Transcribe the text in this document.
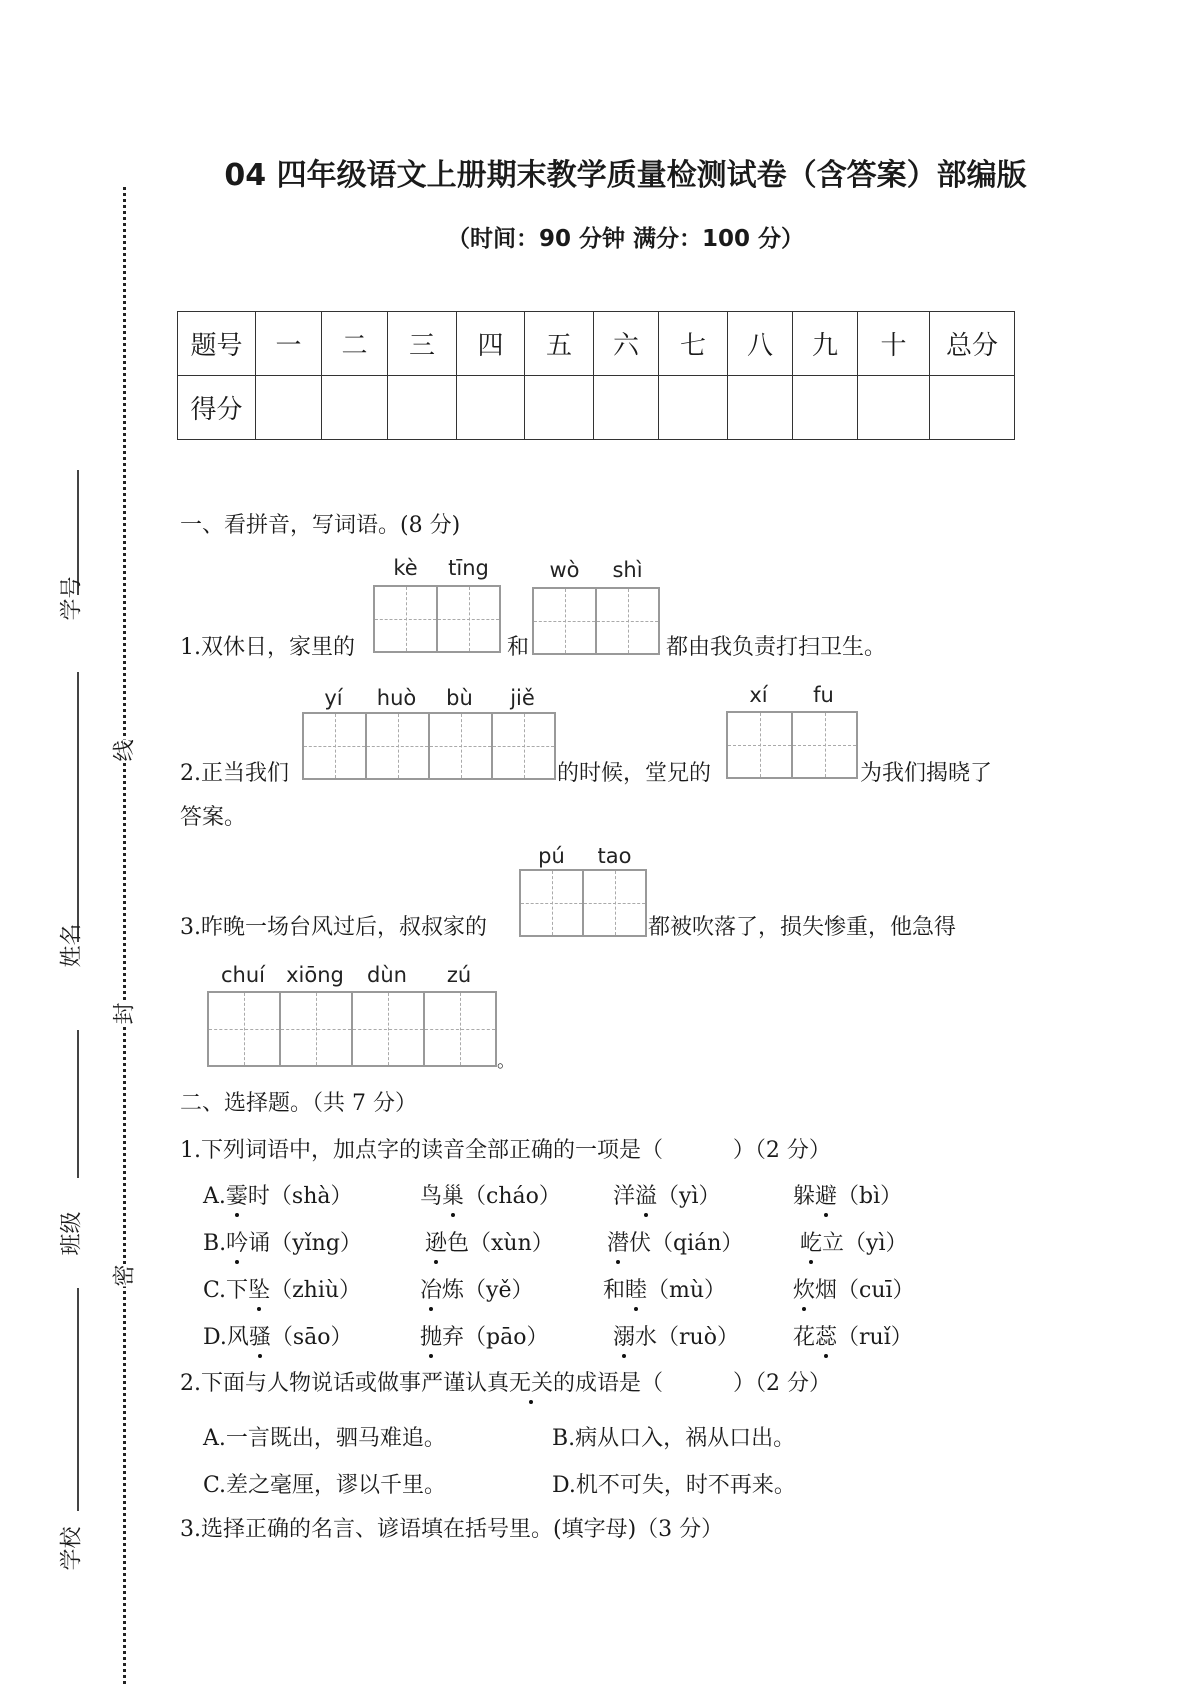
线
封
密
学号
姓名
班级
学校
04 四年级语文上册期末教学质量检测试卷（含答案）部编版
（时间：90 分钟 满分：100 分）
题号	一	二	三	四	五	六	七	八	九	十	总分
得分											
一、看拼音，写词语。(8 分)
kè	tīng	wò	shì
1.双休日，家里的	和	都由我负责打扫卫生。
yí	huò	bù	jiě	xí	fu
2.正当我们	的时候，堂兄的	为我们揭晓了
答案。
pú	tao
3.昨晚一场台风过后，叔叔家的	都被吹落了，损失惨重，他急得
chuí	xiōng	dùn	zú
。
二、选择题。（共 7 分）
1.下列词语中，加点字的读音全部正确的一项是（          ）（2 分）
A.霎时（shà）	鸟巢（cháo） 洋溢（yì）	躲避（bì）
B.吟诵（yǐng）	逊色（xùn） 潜伏（qián）	屹立（yì）
C.下坠（zhiù）	冶炼（yě）	和睦（mù）	炊烟（cuī）
D.风骚（sāo）	抛弃（pāo）	溺水（ruò） 花蕊（ruǐ）
2.下面与人物说话或做事严谨认真无关的成语是（          ）（2 分）
A.一言既出，驷马难追。	B.病从口入，祸从口出。
C.差之毫厘，谬以千里。	D.机不可失，时不再来。
3.选择正确的名言、谚语填在括号里。(填字母)（3 分）
